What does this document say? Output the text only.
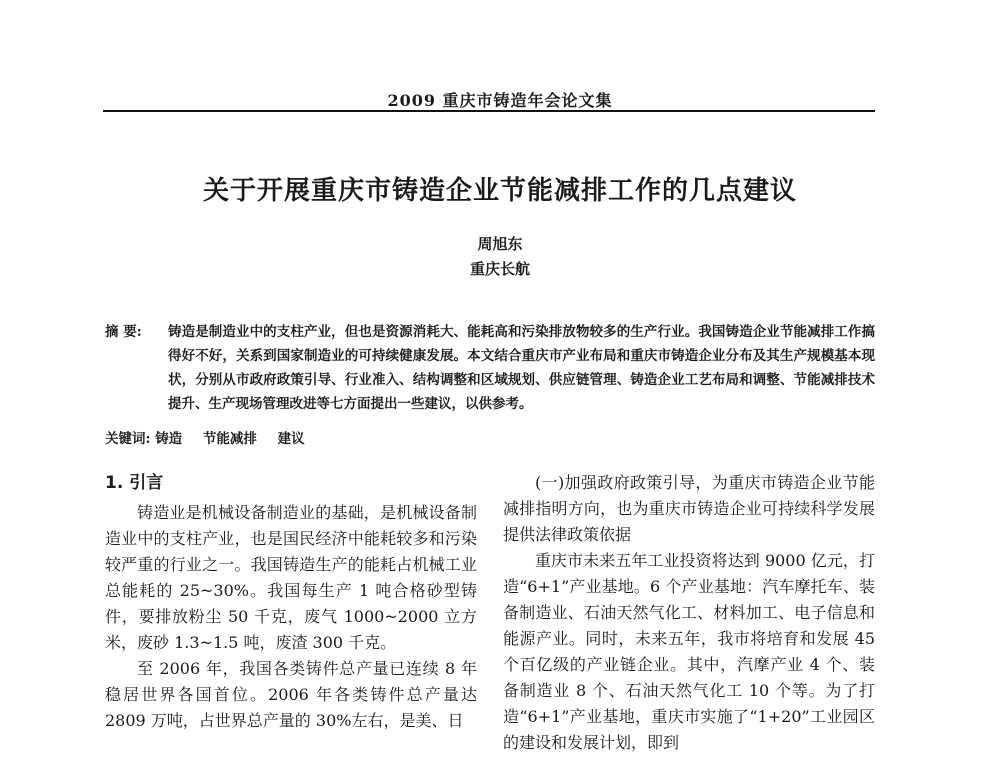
2009 重庆市铸造年会论文集
关于开展重庆市铸造企业节能减排工作的几点建议
周旭东
重庆长航
摘 要:	铸造是制造业中的支柱产业，但也是资源消耗大、能耗高和污染排放物较多的生产行业。我国铸造企业节能减排工作搞得好不好，关系到国家制造业的可持续健康发展。本文结合重庆市产业布局和重庆市铸造企业分布及其生产规模基本现状，分别从市政府政策引导、行业准入、结构调整和区域规划、供应链管理、铸造企业工艺布局和调整、节能减排技术提升、生产现场管理改进等七方面提出一些建议，以供参考。
关键词: 铸造 节能减排 建议
1. 引言

铸造业是机械设备制造业的基础，是机械设备制造业中的支柱产业，也是国民经济中能耗较多和污染较严重的行业之一。我国铸造生产的能耗占机械工业总能耗的 25~30%。我国每生产 1 吨合格砂型铸件，要排放粉尘 50 千克，废气 1000~2000 立方米，废砂 1.3~1.5 吨，废渣 300 千克。

至 2006 年，我国各类铸件总产量已连续 8 年稳居世界各国首位。2006 年各类铸件总产量达 2809 万吨，占世界总产量的 30%左右，是美、日

(一)加强政府政策引导，为重庆市铸造企业节能减排指明方向，也为重庆市铸造企业可持续科学发展提供法律政策依据

重庆市未来五年工业投资将达到 9000 亿元，打造“6+1”产业基地。6 个产业基地：汽车摩托车、装备制造业、石油天然气化工、材料加工、电子信息和能源产业。同时，未来五年，我市将培育和发展 45 个百亿级的产业链企业。其中，汽摩产业 4 个、装备制造业 8 个、石油天然气化工 10 个等。为了打造“6+1”产业基地，重庆市实施了“1+20”工业园区的建设和发展计划，即到
